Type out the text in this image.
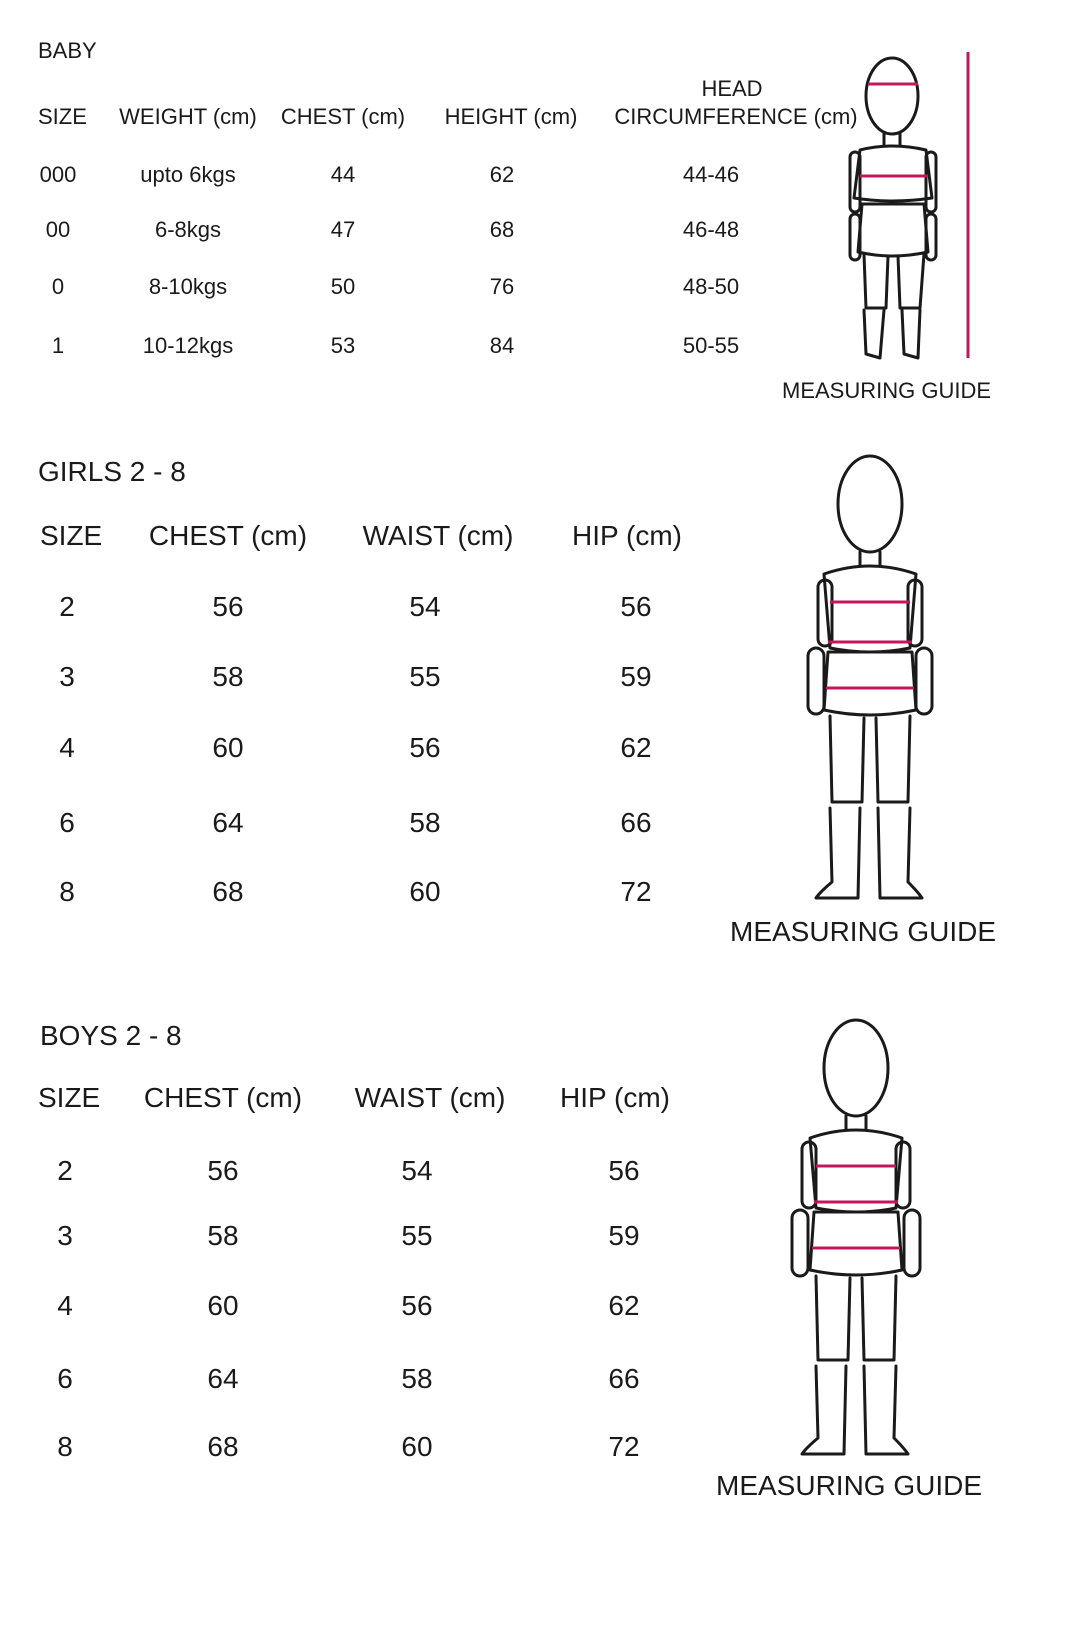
BABY
HEAD
SIZE WEIGHT (cm) CHEST (cm) HEIGHT (cm) CIRCUMFERENCE (cm)
000	upto 6kgs	44	62	44-46
00	6-8kgs	47	68	46-48
0	8-10kgs	50	76	48-50
1	10-12kgs	53	84	50-55
MEASURING GUIDE
GIRLS 2 - 8
SIZE CHEST (cm) WAIST (cm) HIP (cm)
2	56	54	56
3	58	55	59
4	60	56	62
6	64	58	66
8	68	60	72
MEASURING GUIDE
BOYS 2 - 8
SIZE CHEST (cm) WAIST (cm) HIP (cm)
2	56	54	56
3	58	55	59
4	60	56	62
6	64	58	66
8	68	60	72
MEASURING GUIDE
